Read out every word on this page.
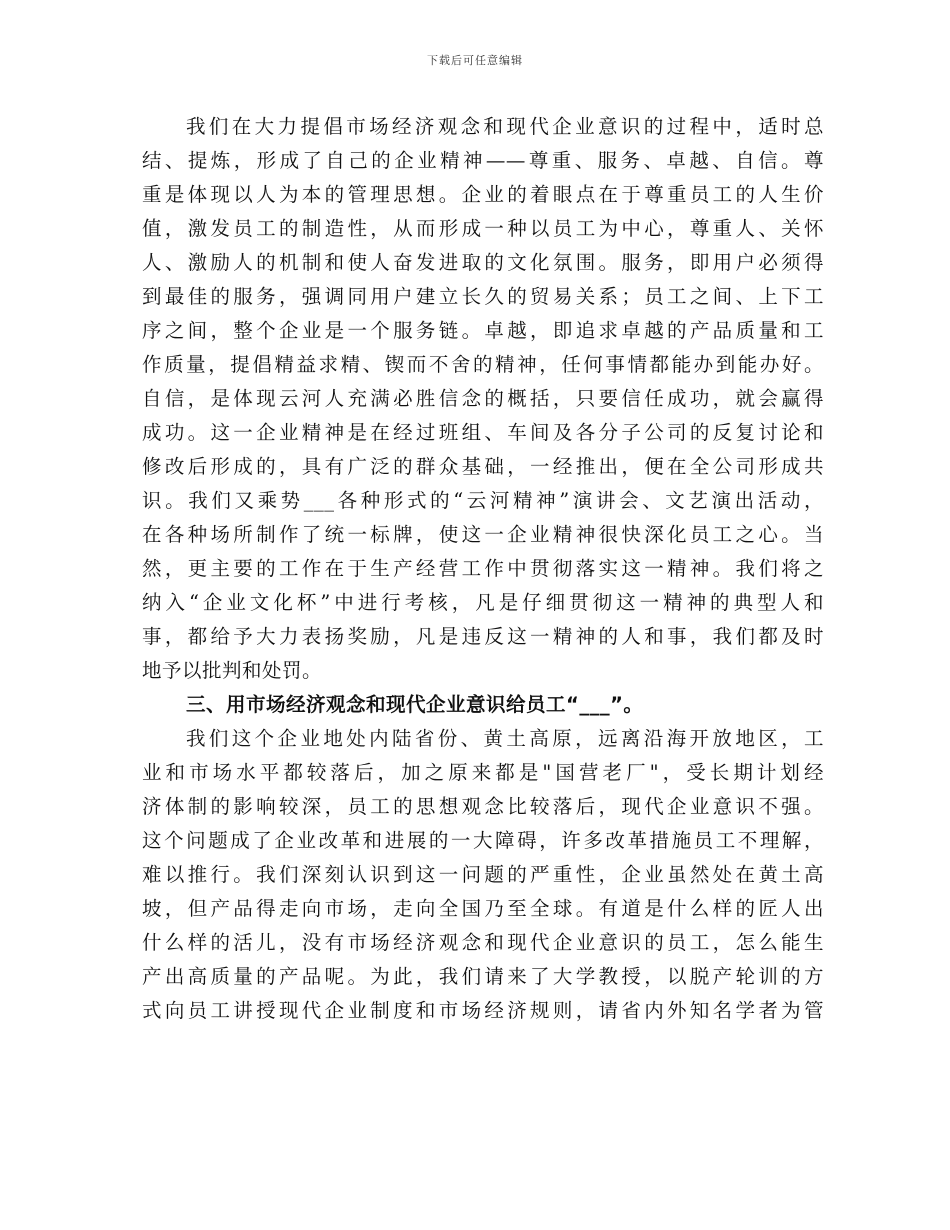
下载后可任意编辑
我们在大力提倡市场经济观念和现代企业意识的过程中，适时总
结、提炼，形成了自己的企业精神——尊重、服务、卓越、自信。尊
重是体现以人为本的管理思想。企业的着眼点在于尊重员工的人生价
值，激发员工的制造性，从而形成一种以员工为中心，尊重人、关怀
人、激励人的机制和使人奋发进取的文化氛围。服务，即用户必须得
到最佳的服务，强调同用户建立长久的贸易关系；员工之间、上下工
序之间，整个企业是一个服务链。卓越，即追求卓越的产品质量和工
作质量，提倡精益求精、锲而不舍的精神，任何事情都能办到能办好。
自信，是体现云河人充满必胜信念的概括，只要信任成功，就会赢得
成功。这一企业精神是在经过班组、车间及各分子公司的反复讨论和
修改后形成的，具有广泛的群众基础，一经推出，便在全公司形成共
识。我们又乘势___各种形式的“云河精神”演讲会、文艺演出活动，
在各种场所制作了统一标牌，使这一企业精神很快深化员工之心。当
然，更主要的工作在于生产经营工作中贯彻落实这一精神。我们将之
纳入“企业文化杯”中进行考核，凡是仔细贯彻这一精神的典型人和
事，都给予大力表扬奖励，凡是违反这一精神的人和事，我们都及时
地予以批判和处罚。
三、用市场经济观念和现代企业意识给员工“___”。
我们这个企业地处内陆省份、黄土高原，远离沿海开放地区，工
业和市场水平都较落后，加之原来都是"国营老厂"，受长期计划经
济体制的影响较深，员工的思想观念比较落后，现代企业意识不强。
这个问题成了企业改革和进展的一大障碍，许多改革措施员工不理解，
难以推行。我们深刻认识到这一问题的严重性，企业虽然处在黄土高
坡，但产品得走向市场，走向全国乃至全球。有道是什么样的匠人出
什么样的活儿，没有市场经济观念和现代企业意识的员工，怎么能生
产出高质量的产品呢。为此，我们请来了大学教授，以脱产轮训的方
式向员工讲授现代企业制度和市场经济规则，请省内外知名学者为管
